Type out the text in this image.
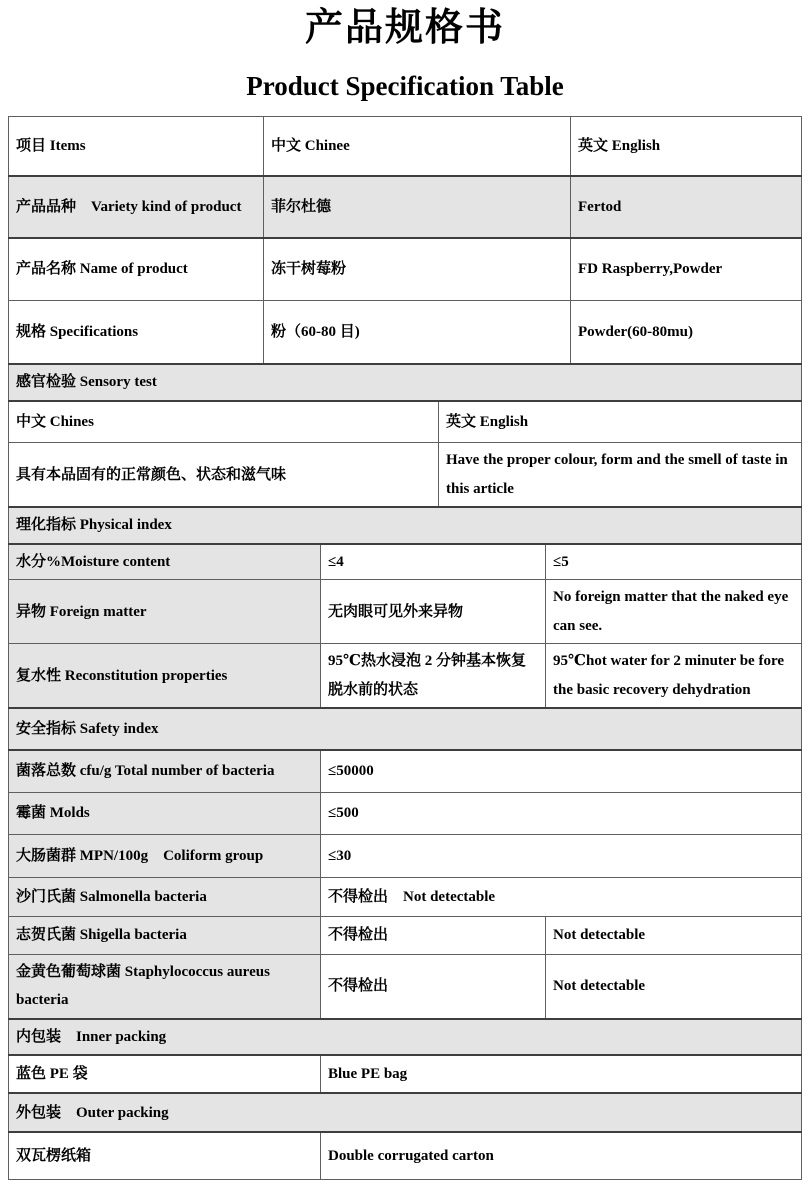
产品规格书
Product Specification Table
项目 Items	中文 Chinee				英文 English
产品品种　Variety kind of product	菲尔杜德				Fertod
产品名称 Name of product	冻干树莓粉				FD Raspberry,Powder
规格 Specifications	粉（60-80 目)				Powder(60-80mu)
感官检验 Sensory test					
中文 Chines			英文 English		
具有本品固有的正常颜色、状态和滋气味			Have the proper colour, form and the smell of taste in this article		
理化指标 Physical index					
水分%Moisture content		≤4		≤5	
异物 Foreign matter		无肉眼可见外来异物		No foreign matter that the naked eye can see.	
复水性 Reconstitution properties		95℃热水浸泡 2 分钟基本恢复脱水前的状态		95℃hot water for 2 minuter be fore the basic recovery dehydration	
安全指标 Safety index					
菌落总数 cfu/g Total number of bacteria		≤50000			
霉菌 Molds		≤500			
大肠菌群 MPN/100g　Coliform group		≤30			
沙门氏菌 Salmonella bacteria		不得检出　Not detectable			
志贺氏菌 Shigella bacteria		不得检出		Not detectable	
金黄色葡萄球菌 Staphylococcus aureus bacteria		不得检出		Not detectable	
内包装　Inner packing					
蓝色 PE 袋		Blue PE bag			
外包装　Outer packing					
双瓦楞纸箱		Double corrugated carton			
